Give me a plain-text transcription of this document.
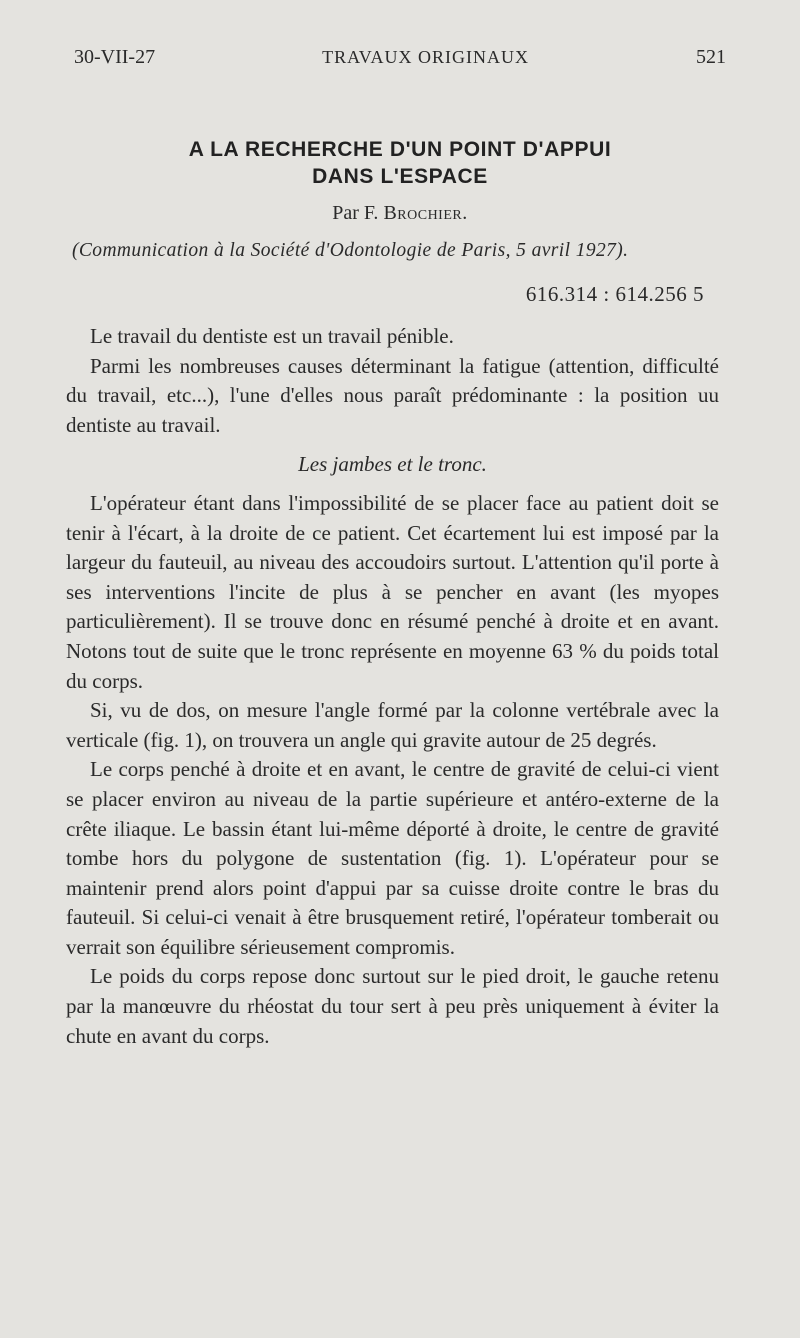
30-VII-27	TRAVAUX ORIGINAUX	521
A LA RECHERCHE D'UN POINT D'APPUI
DANS L'ESPACE
Par F. Brochier.
(Communication à la Société d'Odontologie de Paris, 5 avril 1927).
616.314 : 614.256 5

Le travail du dentiste est un travail pénible.

Parmi les nombreuses causes déterminant la fatigue (attention, difficulté du travail, etc...), l'une d'elles nous paraît prédominante : la position uu dentiste au travail.

Les jambes et le tronc.

L'opérateur étant dans l'impossibilité de se placer face au patient doit se tenir à l'écart, à la droite de ce patient. Cet écartement lui est imposé par la largeur du fauteuil, au niveau des accoudoirs surtout. L'attention qu'il porte à ses interventions l'incite de plus à se pencher en avant (les myopes particulièrement). Il se trouve donc en résumé penché à droite et en avant. Notons tout de suite que le tronc représente en moyenne 63 % du poids total du corps.

Si, vu de dos, on mesure l'angle formé par la colonne vertébrale avec la verticale (fig. 1), on trouvera un angle qui gravite autour de 25 degrés.

Le corps penché à droite et en avant, le centre de gravité de celui-ci vient se placer environ au niveau de la partie supérieure et antéro-externe de la crête iliaque. Le bassin étant lui-même déporté à droite, le centre de gravité tombe hors du polygone de sustentation (fig. 1). L'opérateur pour se maintenir prend alors point d'appui par sa cuisse droite contre le bras du fauteuil. Si celui-ci venait à être brusquement retiré, l'opérateur tomberait ou verrait son équilibre sérieusement compromis.

Le poids du corps repose donc surtout sur le pied droit, le gauche retenu par la manœuvre du rhéostat du tour sert à peu près uniquement à éviter la chute en avant du corps.
